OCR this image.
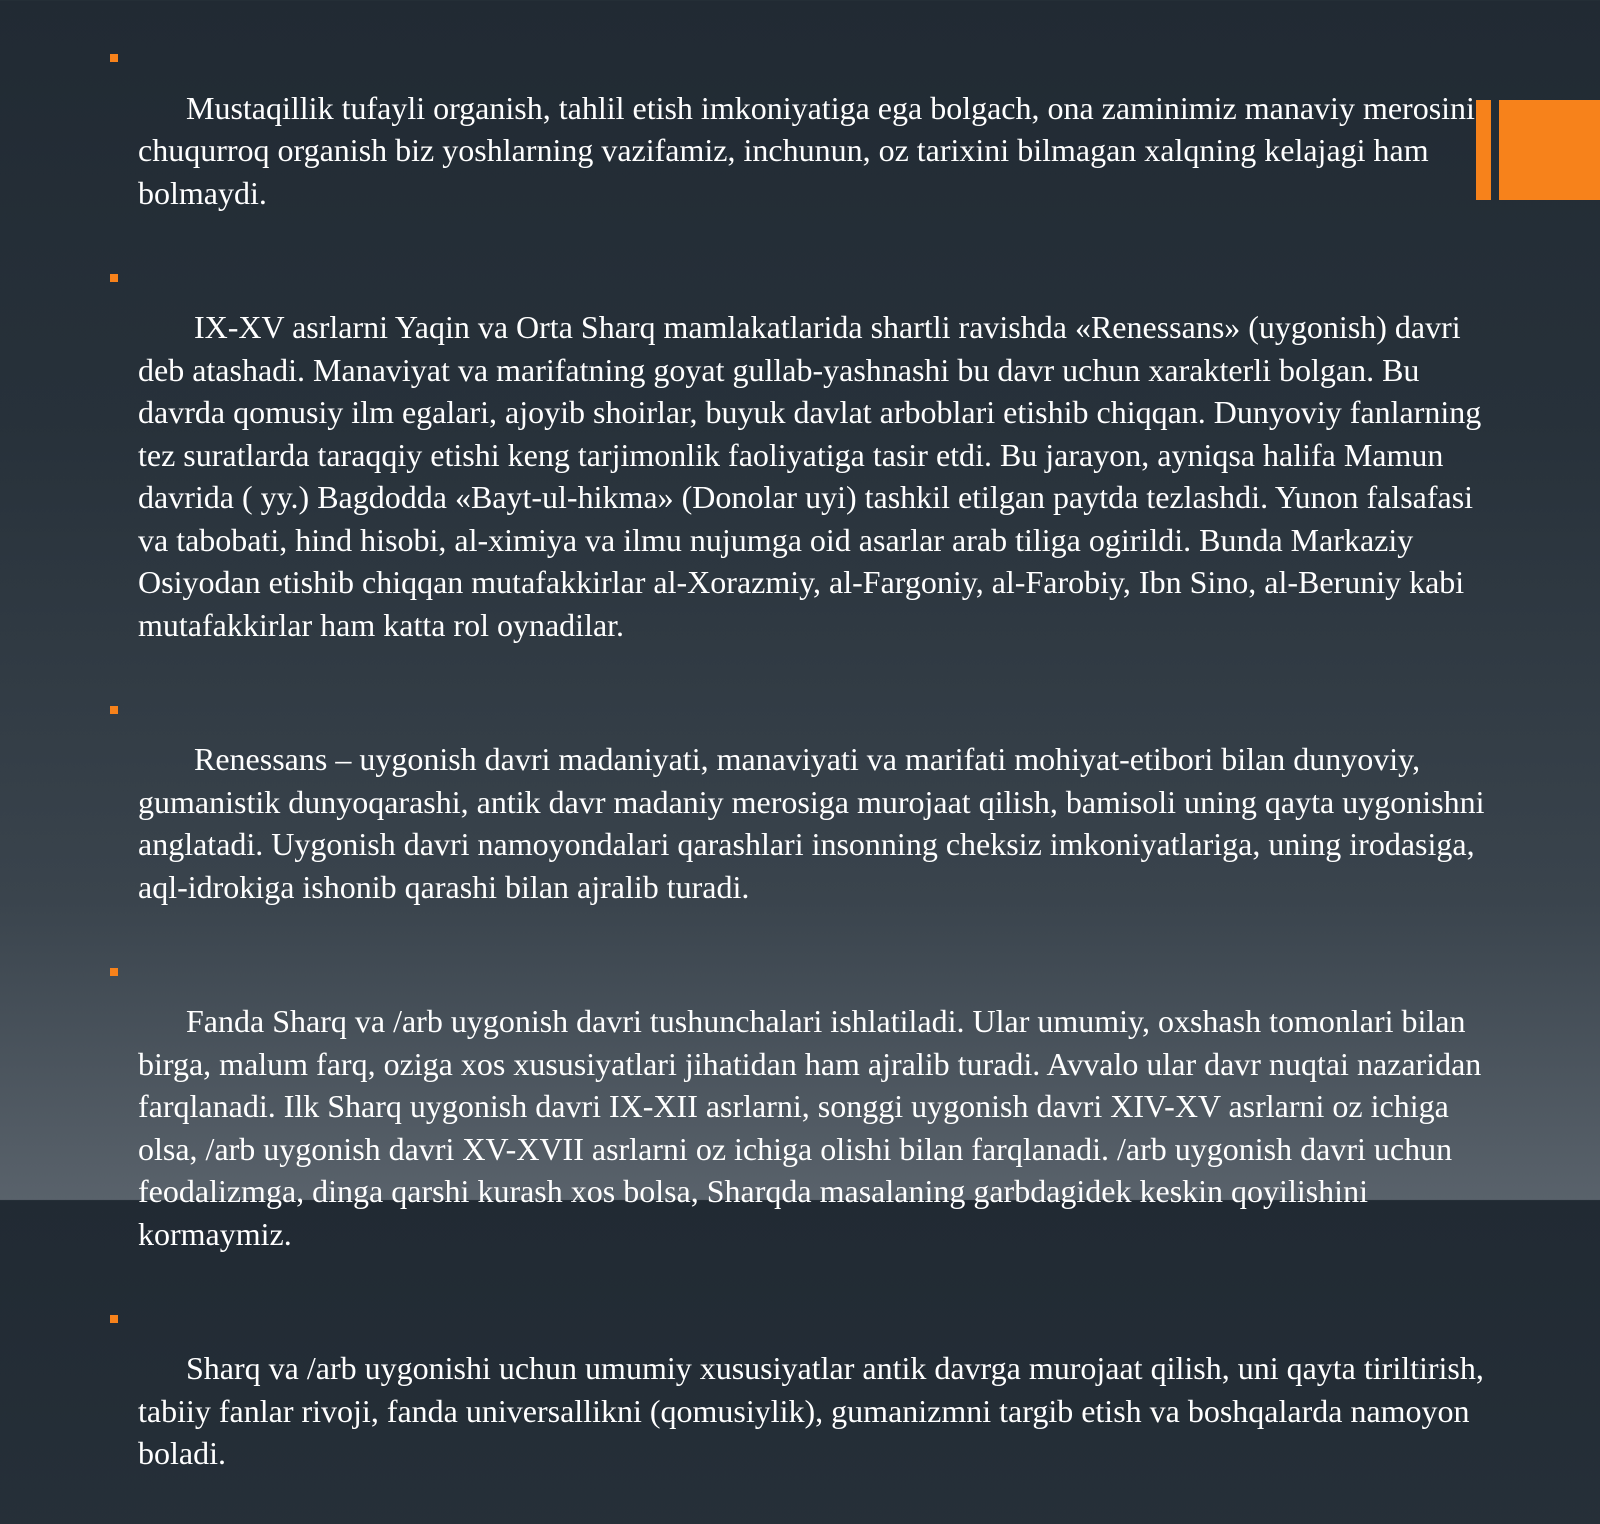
Mustaqillik tufayli organish, tahlil etish imkoniyatiga ega bolgach, ona zaminimiz manaviy merosini chuqurroq organish biz yoshlarning vazifamiz, inchunun, oz tarixini bilmagan xalqning kelajagi ham bolmaydi.

IX-XV asrlarni Yaqin va Orta Sharq mamlakatlarida shartli ravishda «Renessans» (uygonish) davri deb atashadi. Manaviyat va marifatning goyat gullab-yashnashi bu davr uchun xarakterli bolgan. Bu davrda qomusiy ilm egalari, ajoyib shoirlar, buyuk davlat arboblari etishib chiqqan. Dunyoviy fanlarning tez suratlarda taraqqiy etishi keng tarjimonlik faoliyatiga tasir etdi. Bu jarayon, ayniqsa halifa Mamun davrida ( yy.) Bagdodda «Bayt-ul-hikma» (Donolar uyi) tashkil etilgan paytda tezlashdi. Yunon falsafasi va tabobati, hind hisobi, al-ximiya va ilmu nujumga oid asarlar arab tiliga ogirildi. Bunda Markaziy Osiyodan etishib chiqqan mutafakkirlar al-Xorazmiy, al-Fargoniy, al-Farobiy, Ibn Sino, al-Beruniy kabi mutafakkirlar ham katta rol oynadilar.

Renessans – uygonish davri madaniyati, manaviyati va marifati mohiyat-etibori bilan dunyoviy, gumanistik dunyoqarashi, antik davr madaniy merosiga murojaat qilish, bamisoli uning qayta uygonishni anglatadi. Uygonish davri namoyondalari qarashlari insonning cheksiz imkoniyatlariga, uning irodasiga, aql-idrokiga ishonib qarashi bilan ajralib turadi.

Fanda Sharq va /arb uygonish davri tushunchalari ishlatiladi. Ular umumiy, oxshash tomonlari bilan birga, malum farq, oziga xos xususiyatlari jihatidan ham ajralib turadi. Avvalo ular davr nuqtai nazaridan farqlanadi. Ilk Sharq uygonish davri IX-XII asrlarni, songgi uygonish davri XIV-XV asrlarni oz ichiga olsa, /arb uygonish davri XV-XVII asrlarni oz ichiga olishi bilan farqlanadi. /arb uygonish davri uchun feodalizmga, dinga qarshi kurash xos bolsa, Sharqda masalaning garbdagidek keskin qoyilishini kormaymiz.

Sharq va /arb uygonishi uchun umumiy xususiyatlar antik davrga murojaat qilish, uni qayta tiriltirish, tabiiy fanlar rivoji, fanda universallikni (qomusiylik), gumanizmni targib etish va boshqalarda namoyon boladi.
